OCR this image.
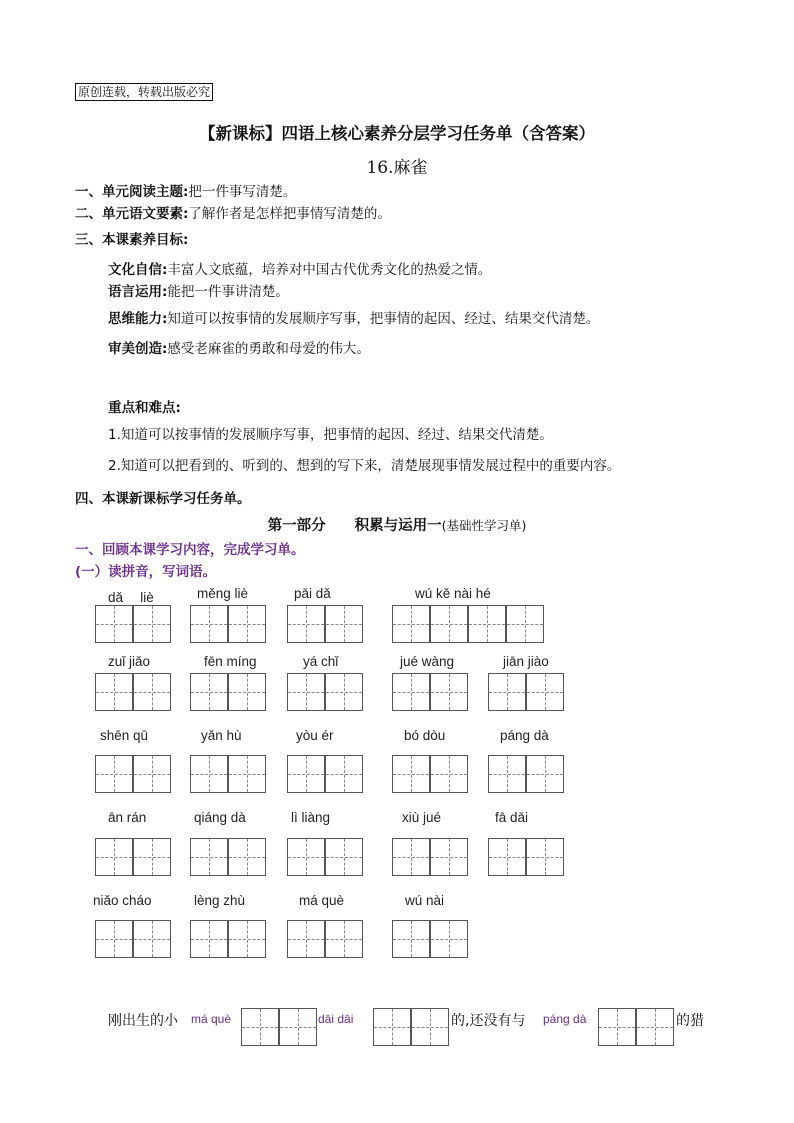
原创连载，转载出版必究
【新课标】四语上核心素养分层学习任务单（含答案）
16.麻雀
一、单元阅读主题:把一件事写清楚。
二、单元语文要素:了解作者是怎样把事情写清楚的。
三、本课素养目标:
文化自信:丰富人文底蕴，培养对中国古代优秀文化的热爱之情。
语言运用:能把一件事讲清楚。
思维能力:知道可以按事情的发展顺序写事，把事情的起因、经过、结果交代清楚。
审美创造:感受老麻雀的勇敢和母爱的伟大。
重点和难点:
1.知道可以按事情的发展顺序写事，把事情的起因、经过、结果交代清楚。
2.知道可以把看到的、听到的、想到的写下来，清楚展现事情发展过程中的重要内容。
四、本课新课标学习任务单。
第一部分　　积累与运用一(基础性学习单)
一、回顾本课学习内容，完成学习单。
(一）读拼音，写词语。
dǎ　 liè	měng liè	pāi dǎ	wú kě nài hé
zuǐ jiǎo	fēn míng	yá chǐ	jué wàng	jiān jiào
shēn qū	yǎn hù	yòu ér	bó dòu	páng dà
ān rán	qiáng dà	lì liàng	xiù jué	fā dāi
niǎo cháo	lèng zhù	má què	wú nài
刚出生的小 má què	dāi dāi	的,还没有与 páng dà	的猎
